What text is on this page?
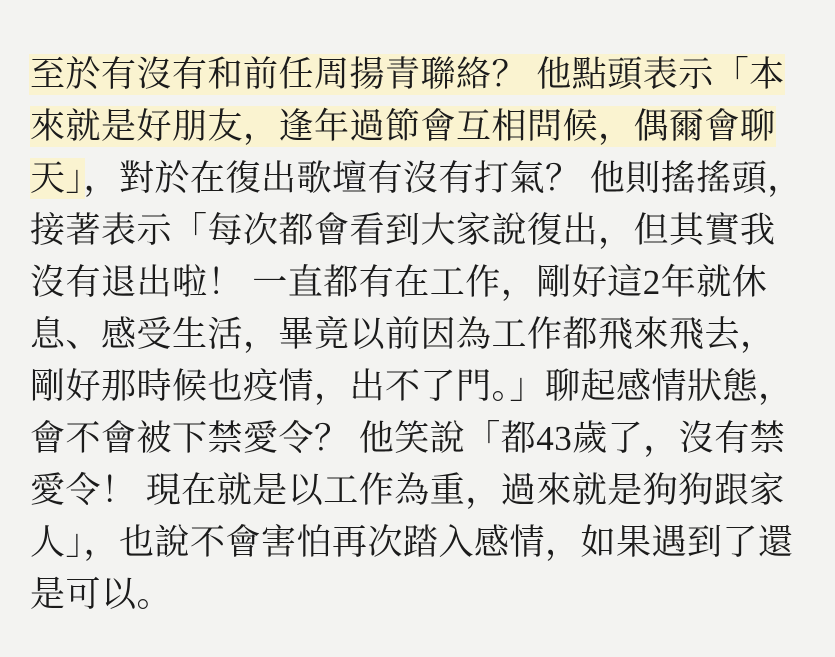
至於有沒有和前任周揚青聯絡？ 他點頭表示「本來就是好朋友，逢年過節會互相問候，偶爾會聊天」，對於在復出歌壇有沒有打氣？ 他則搖搖頭，接著表示「每次都會看到大家說復出，但其實我沒有退出啦！ 一直都有在工作，剛好這2年就休息、感受生活，畢竟以前因為工作都飛來飛去，剛好那時候也疫情，出不了門。」聊起感情狀態，會不會被下禁愛令？ 他笑說「都43歲了，沒有禁愛令！ 現在就是以工作為重，過來就是狗狗跟家人」，也說不會害怕再次踏入感情，如果遇到了還是可以。
